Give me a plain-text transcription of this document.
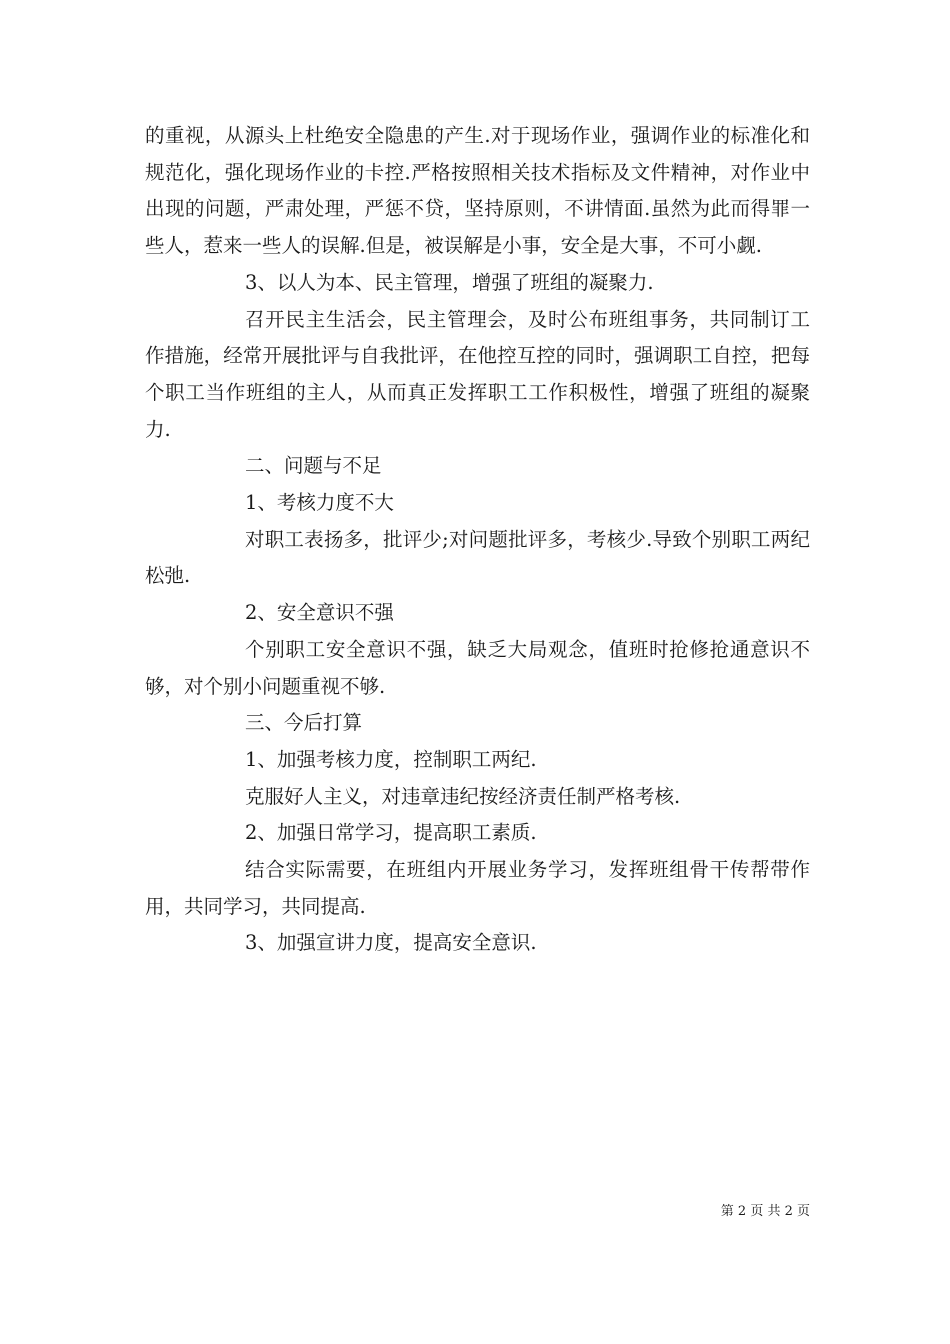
的重视，从源头上杜绝安全隐患的产生.对于现场作业，强调作业的标准化和规范化，强化现场作业的卡控.严格按照相关技术指标及文件精神，对作业中出现的问题，严肃处理，严惩不贷，坚持原则，不讲情面.虽然为此而得罪一些人，惹来一些人的误解.但是，被误解是小事，安全是大事，不可小觑.

3、以人为本、民主管理，增强了班组的凝聚力.

召开民主生活会，民主管理会，及时公布班组事务，共同制订工作措施，经常开展批评与自我批评，在他控互控的同时，强调职工自控，把每个职工当作班组的主人，从而真正发挥职工工作积极性，增强了班组的凝聚力.

二、问题与不足

1、考核力度不大

对职工表扬多，批评少;对问题批评多，考核少.导致个别职工两纪松弛.

2、安全意识不强

个别职工安全意识不强，缺乏大局观念，值班时抢修抢通意识不够，对个别小问题重视不够.

三、今后打算

1、加强考核力度，控制职工两纪.

克服好人主义，对违章违纪按经济责任制严格考核.

2、加强日常学习，提高职工素质.

结合实际需要，在班组内开展业务学习，发挥班组骨干传帮带作用，共同学习，共同提高.

3、加强宣讲力度，提高安全意识.

第 2 页 共 2 页
